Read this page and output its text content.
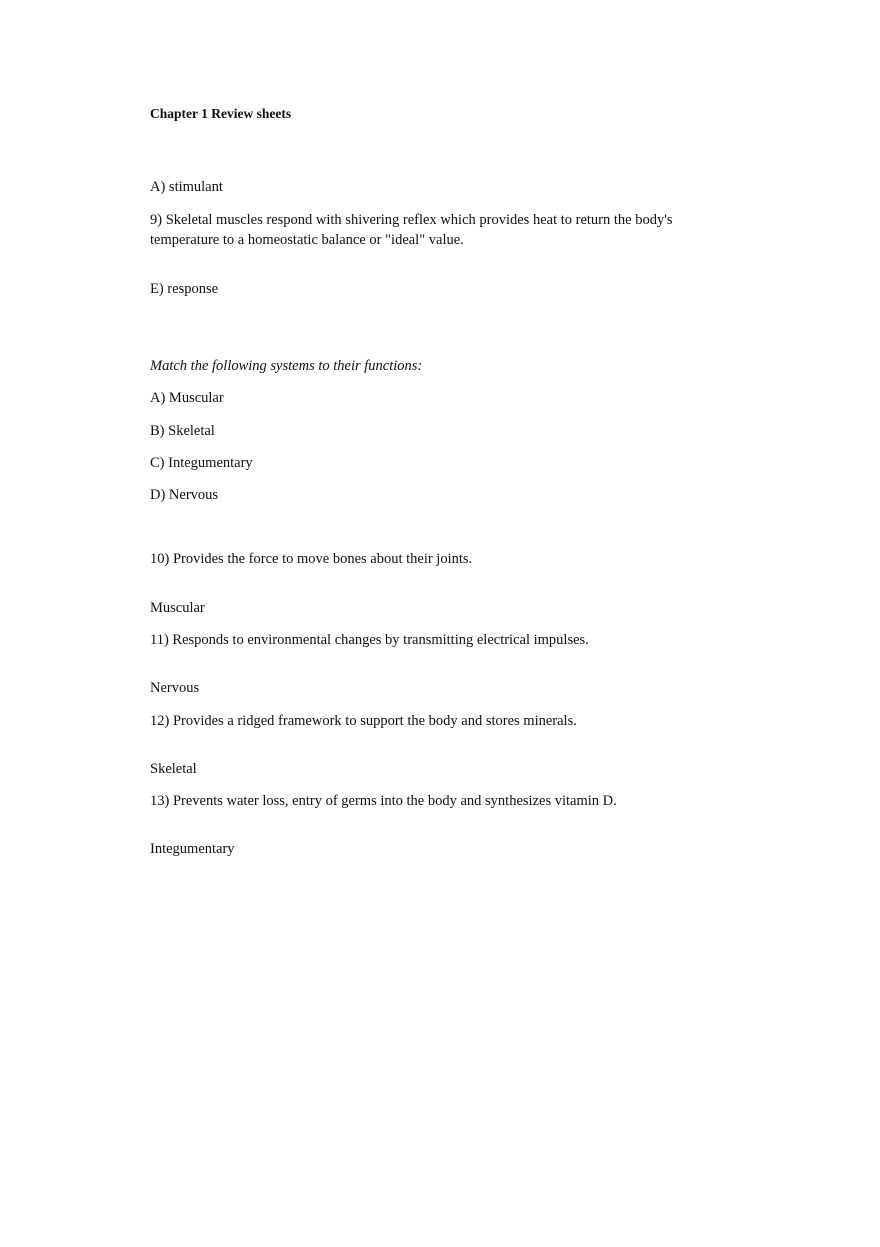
Chapter 1 Review sheets
A) stimulant
9) Skeletal muscles respond with shivering reflex which provides heat to return the body's
temperature to a homeostatic balance or "ideal" value.
E) response
Match the following systems to their functions:
A) Muscular
B) Skeletal
C) Integumentary
D) Nervous
10) Provides the force to move bones about their joints.
Muscular
11) Responds to environmental changes by transmitting electrical impulses.
Nervous
12) Provides a ridged framework to support the body and stores minerals.
Skeletal
13) Prevents water loss, entry of germs into the body and synthesizes vitamin D.
Integumentary
